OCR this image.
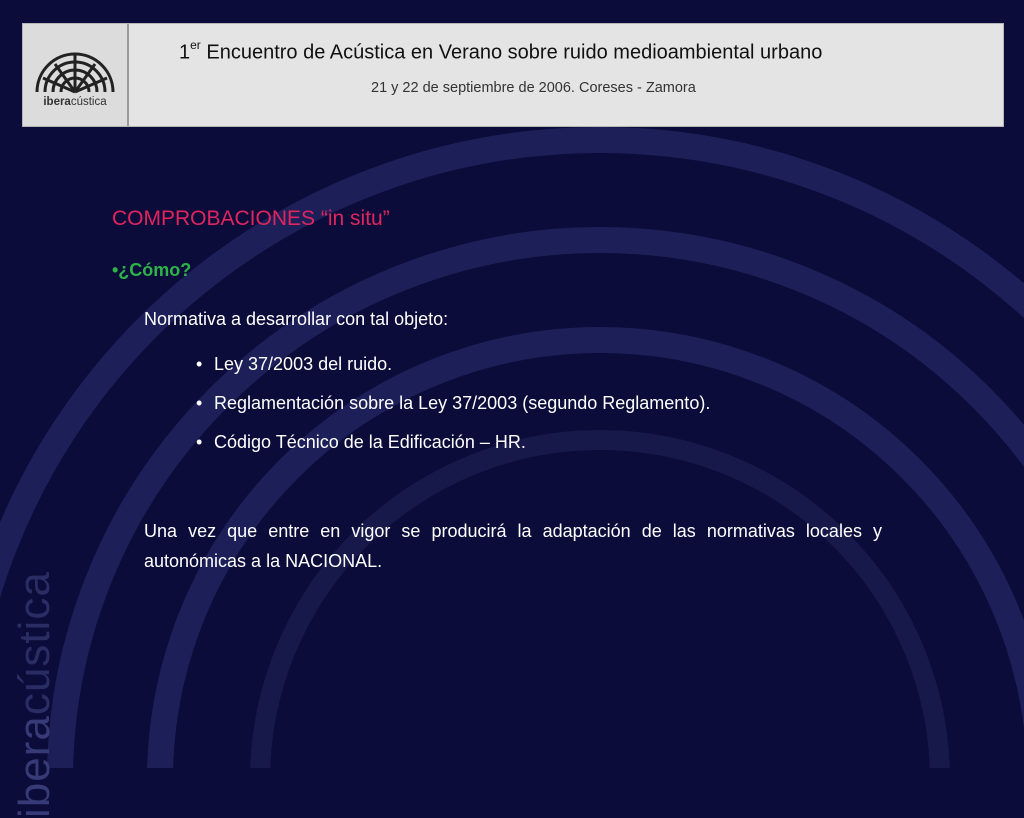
iberacústica
iberacústica
1er Encuentro de Acústica en Verano sobre ruido medioambiental urbano
21 y 22 de septiembre de 2006. Coreses - Zamora
COMPROBACIONES “in situ”
•¿Cómo?
Normativa a desarrollar con tal objeto:
• Ley 37/2003 del ruido.
• Reglamentación sobre la Ley 37/2003 (segundo Reglamento).
• Código Técnico de la Edificación – HR.
Una vez que entre en vigor se producirá la adaptación de las normativas locales y autonómicas a la NACIONAL.
